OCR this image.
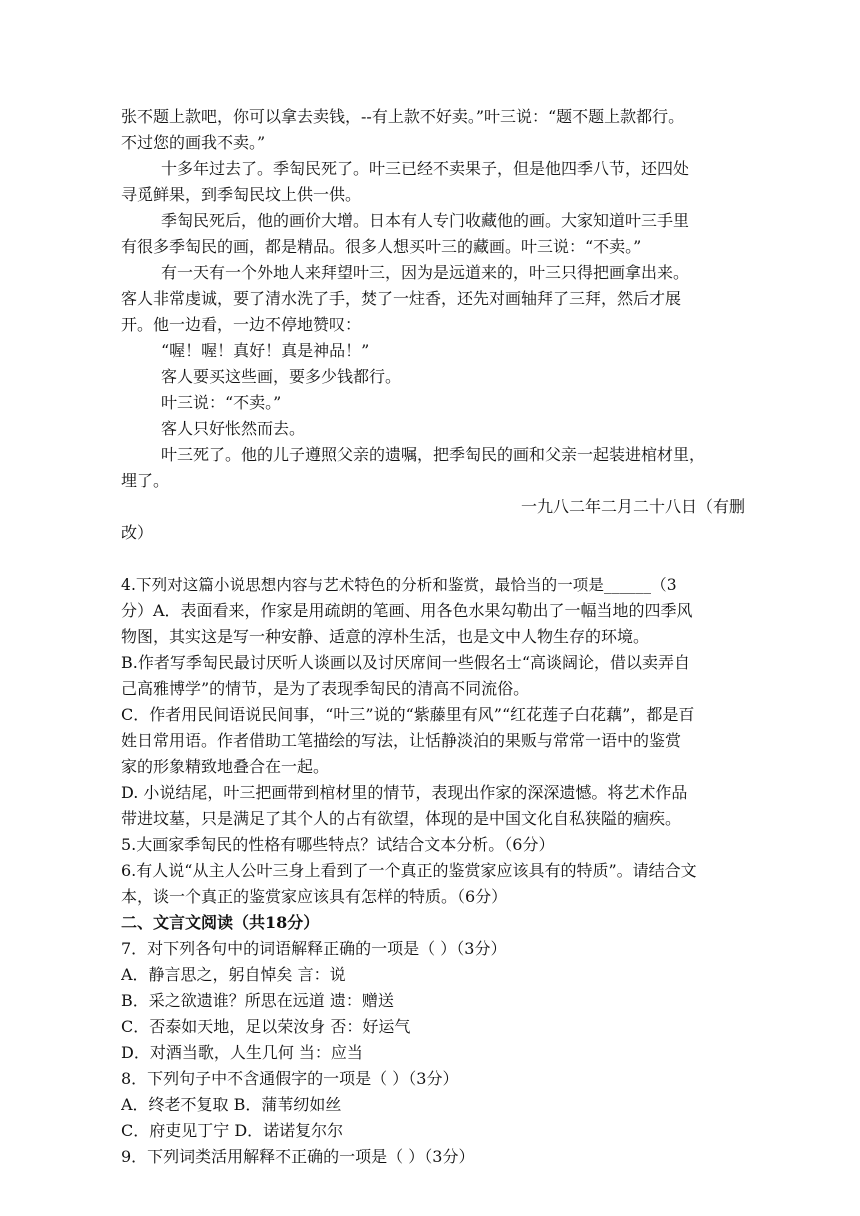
张不题上款吧，你可以拿去卖钱，--有上款不好卖。”叶三说：“题不题上款都行。
不过您的画我不卖。”
十多年过去了。季匋民死了。叶三已经不卖果子，但是他四季八节，还四处
寻觅鲜果，到季匋民坟上供一供。
季匋民死后，他的画价大增。日本有人专门收藏他的画。大家知道叶三手里
有很多季匋民的画，都是精品。很多人想买叶三的藏画。叶三说：“不卖。”
有一天有一个外地人来拜望叶三，因为是远道来的，叶三只得把画拿出来。
客人非常虔诚，要了清水洗了手，焚了一炷香，还先对画轴拜了三拜，然后才展
开。他一边看，一边不停地赞叹：
“喔！喔！真好！真是神品！”
客人要买这些画，要多少钱都行。
叶三说：“不卖。”
客人只好怅然而去。
叶三死了。他的儿子遵照父亲的遗嘱，把季匋民的画和父亲一起装进棺材里，
埋了。
一九八二年二月二十八日（有删
改）
4.下列对这篇小说思想内容与艺术特色的分析和鉴赏，最恰当的一项是______（3
分）A．表面看来，作家是用疏朗的笔画、用各色水果勾勒出了一幅当地的四季风
物图，其实这是写一种安静、适意的淳朴生活，也是文中人物生存的环境。
B.作者写季匋民最讨厌听人谈画以及讨厌席间一些假名士“高谈阔论，借以卖弄自
己高雅博学”的情节，是为了表现季匋民的清高不同流俗。
C．作者用民间语说民间事，“叶三”说的“紫藤里有风”“红花莲子白花藕”，都是百
姓日常用语。作者借助工笔描绘的写法，让恬静淡泊的果贩与常常一语中的鉴赏
家的形象精致地叠合在一起。
D. 小说结尾，叶三把画带到棺材里的情节，表现出作家的深深遗憾。将艺术作品
带进坟墓，只是满足了其个人的占有欲望，体现的是中国文化自私狭隘的痼疾。
5.大画家季匋民的性格有哪些特点？试结合文本分析。（6分）
6.有人说“从主人公叶三身上看到了一个真正的鉴赏家应该具有的特质”。请结合文
本，谈一个真正的鉴赏家应该具有怎样的特质。（6分）
二、文言文阅读（共18分）
7．对下列各句中的词语解释正确的一项是（ ）（3分）
A．静言思之，躬自悼矣 言：说
B．采之欲遗谁？所思在远道 遗：赠送
C．否泰如天地，足以荣汝身 否：好运气
D．对酒当歌，人生几何 当：应当
8．下列句子中不含通假字的一项是（ ）（3分）
A．终老不复取 B．蒲苇纫如丝
C．府吏见丁宁 D．诺诺复尔尔
9．下列词类活用解释不正确的一项是（ ）（3分）
